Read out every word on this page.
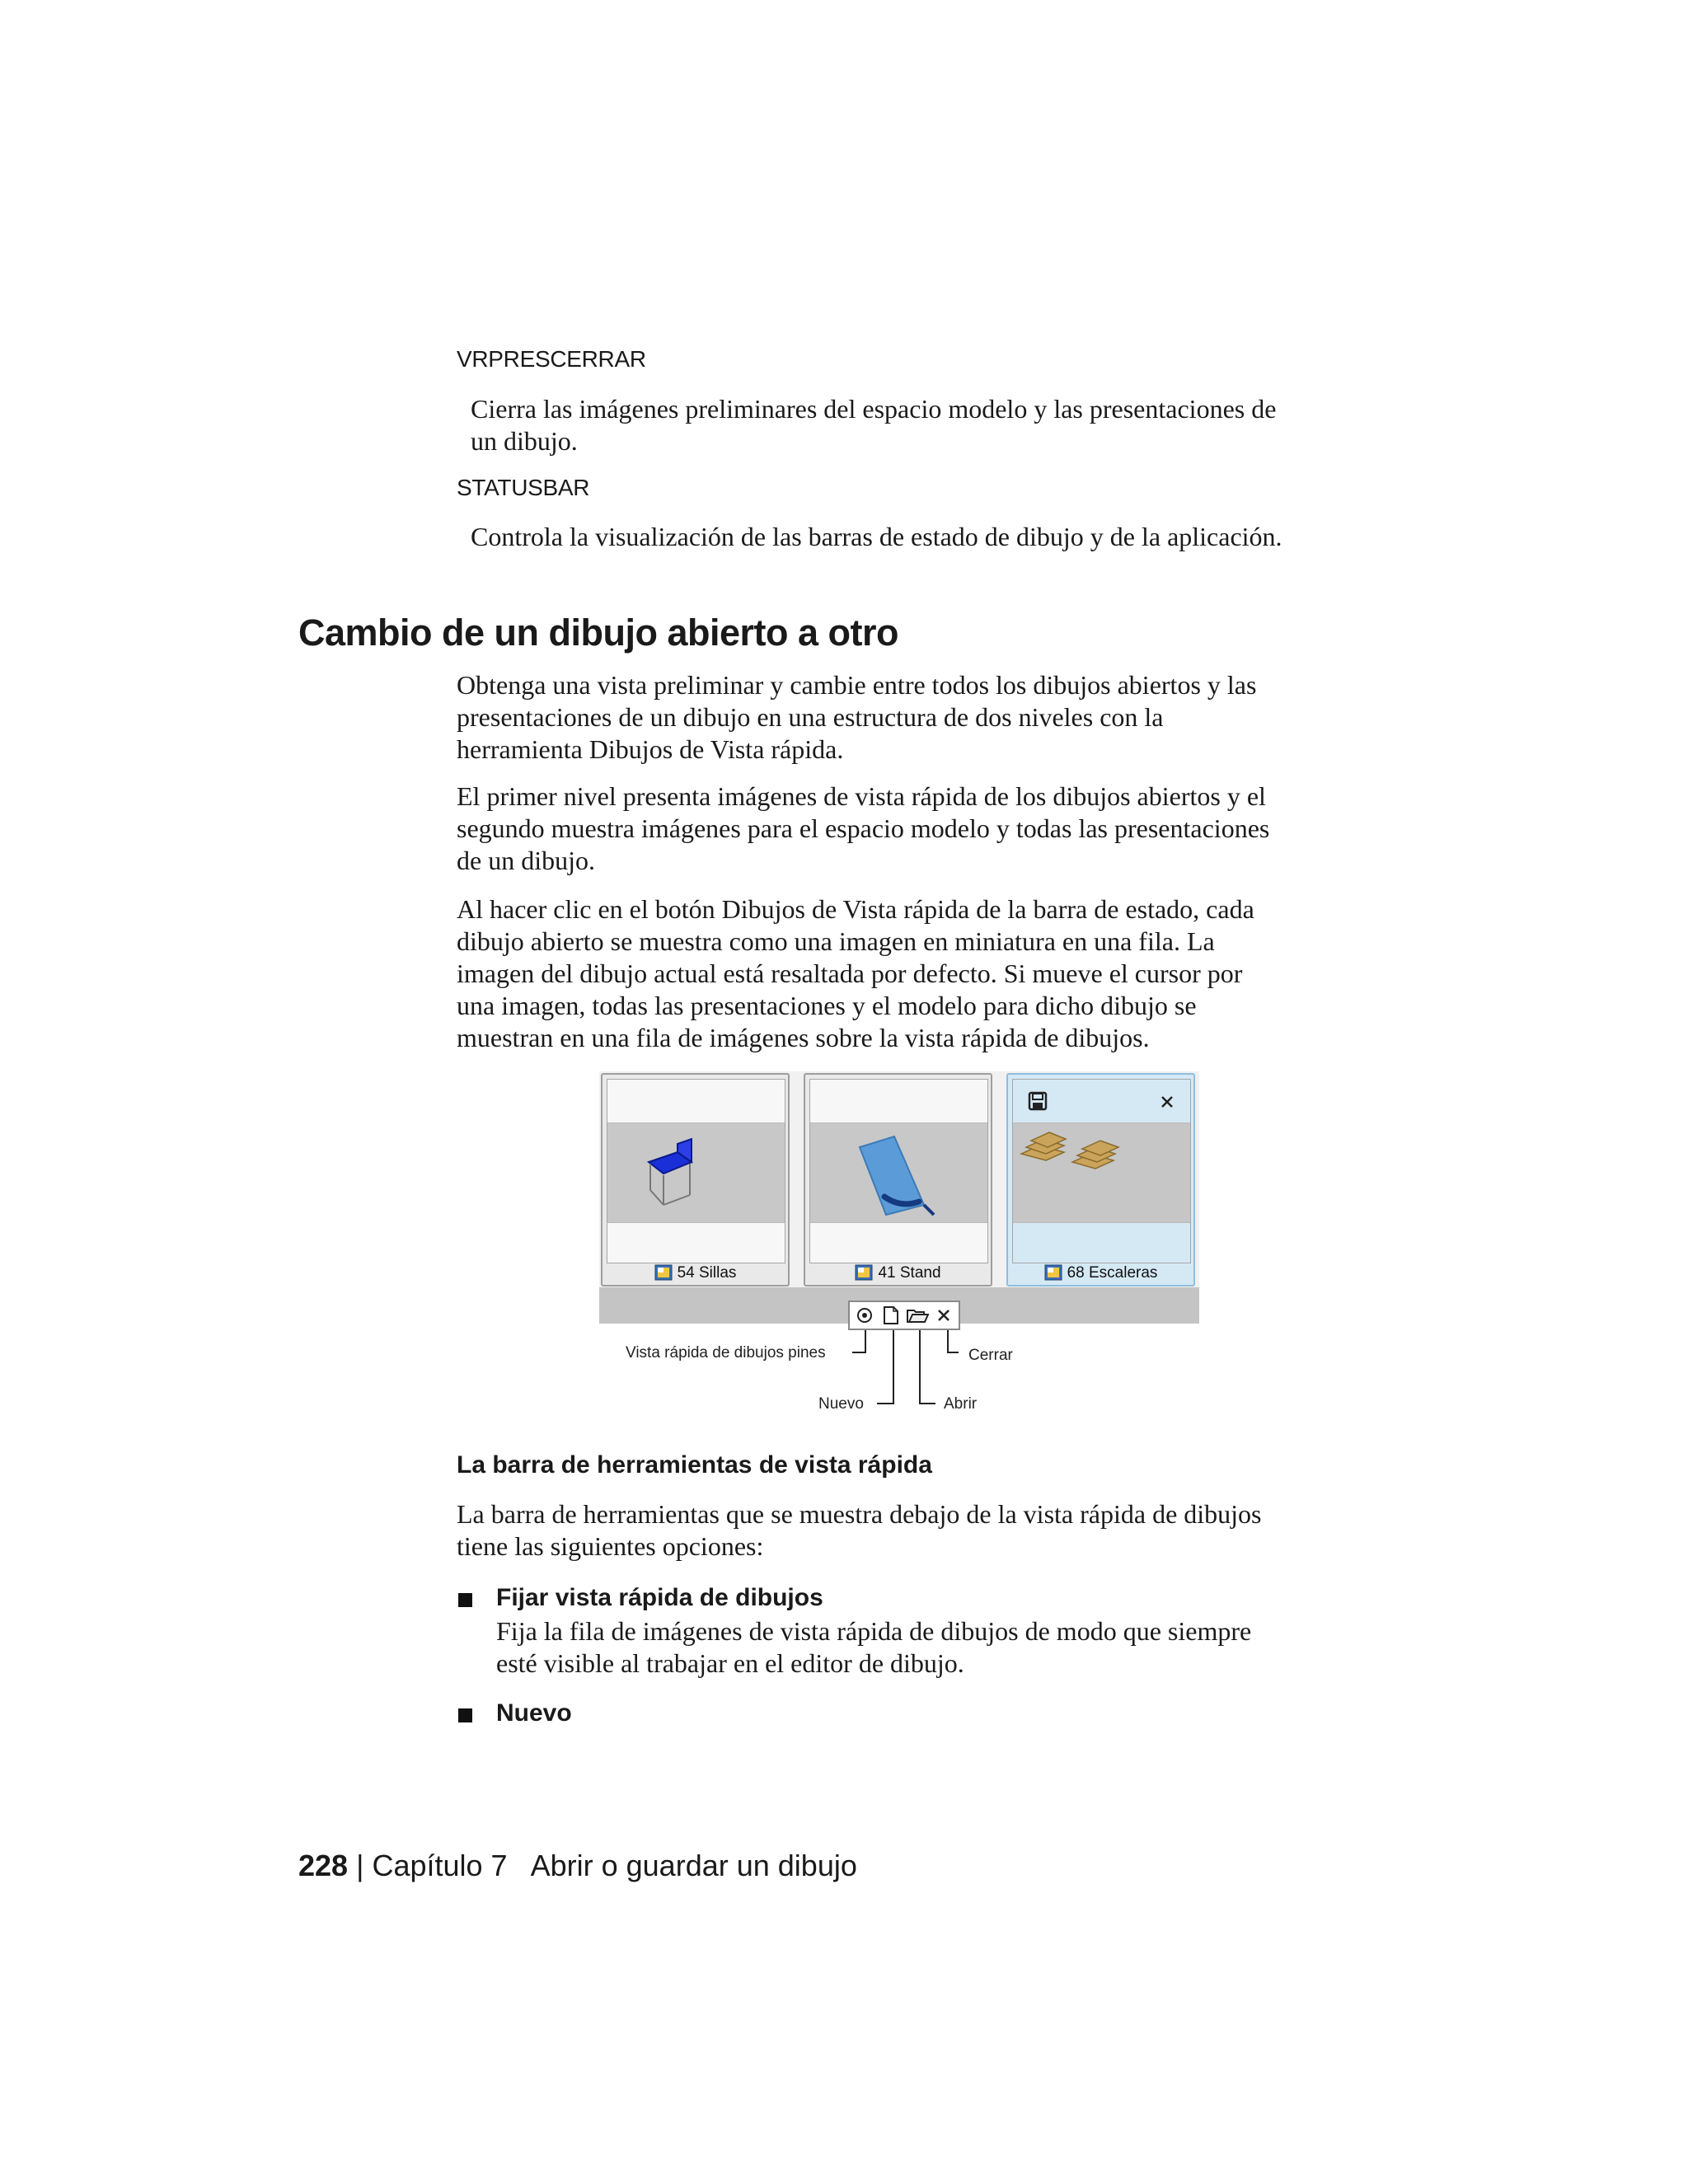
VRPRESCERRAR
Cierra las imágenes preliminares del espacio modelo y las presentaciones de
un dibujo.
STATUSBAR
Controla la visualización de las barras de estado de dibujo y de la aplicación.
Cambio de un dibujo abierto a otro
Obtenga una vista preliminar y cambie entre todos los dibujos abiertos y las
presentaciones de un dibujo en una estructura de dos niveles con la
herramienta Dibujos de Vista rápida.
El primer nivel presenta imágenes de vista rápida de los dibujos abiertos y el
segundo muestra imágenes para el espacio modelo y todas las presentaciones
de un dibujo.
Al hacer clic en el botón Dibujos de Vista rápida de la barra de estado, cada
dibujo abierto se muestra como una imagen en miniatura en una fila. La
imagen del dibujo actual está resaltada por defecto. Si mueve el cursor por
una imagen, todas las presentaciones y el modelo para dicho dibujo se
muestran en una fila de imágenes sobre la vista rápida de dibujos.
54 Sillas	41 Stand	68 Escaleras
Vista rápida de dibujos pines	Cerrar
Nuevo	Abrir
La barra de herramientas de vista rápida
La barra de herramientas que se muestra debajo de la vista rápida de dibujos
tiene las siguientes opciones:
Fijar vista rápida de dibujos
Fija la fila de imágenes de vista rápida de dibujos de modo que siempre
esté visible al trabajar en el editor de dibujo.
Nuevo
228 | Capítulo 7 Abrir o guardar un dibujo
